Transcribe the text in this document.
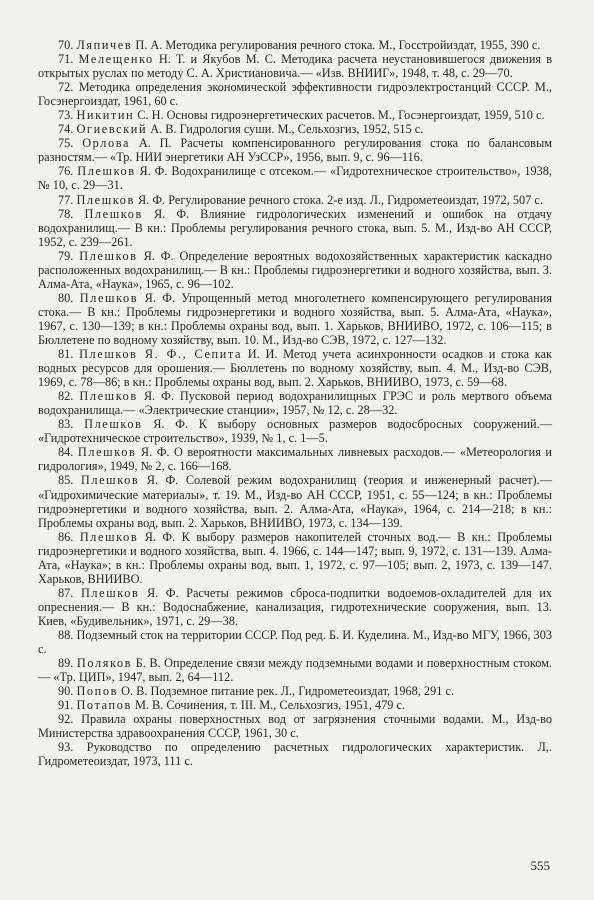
70. Ляпичев П. А. Методика регулирования речного стока. М., Госстройиздат, 1955, 390 с.

71. Мелещенко Н. Т. и Якубов М. С. Методика расчета неустановившегося движения в открытых руслах по методу С. А. Христиановича.— «Изв. ВНИИГ», 1948, т. 48, с. 29—70.

72. Методика определения экономической эффективности гидроэлектростанций СССР. М., Госэнергоиздат, 1961, 60 с.

73. Никитин С. Н. Основы гидроэнергетических расчетов. М., Госэнергоиздат, 1959, 510 с.

74. Огиевский А. В. Гидрология суши. М., Сельхозгиз, 1952, 515 с.

75. Орлова А. П. Расчеты компенсированного регулирования стока по балансовым разностям.— «Тр. НИИ энергетики АН УзССР», 1956, вып. 9, с. 96—116.

76. Плешков Я. Ф. Водохранилище с отсеком.— «Гидротехническое строительство», 1938, № 10, с. 29—31.

77. Плешков Я. Ф. Регулирование речного стока. 2-е изд. Л., Гидрометеоиздат, 1972, 507 с.

78. Плешков Я. Ф. Влияние гидрологических изменений и ошибок на отдачу водохранилищ.— В кн.: Проблемы регулирования речного стока, вып. 5. М., Изд-во АН СССР, 1952, с. 239—261.

79. Плешков Я. Ф. Определение вероятных водохозяйственных характеристик каскадно расположенных водохранилищ.— В кн.: Проблемы гидроэнергетики и водного хозяйства, вып. 3. Алма-Ата, «Наука», 1965, с. 96—102.

80. Плешков Я. Ф. Упрощенный метод многолетнего компенсирующего регулирования стока.— В кн.: Проблемы гидроэнергетики и водного хозяйства, вып. 5. Алма-Ата, «Наука», 1967, с. 130—139; в кн.: Проблемы охраны вод, вып. 1. Харьков, ВНИИВО, 1972, с. 106—115; в Бюллетене по водному хозяйству, вып. 10. М., Изд-во СЭВ, 1972, с. 127—132.

81. Плешков Я. Ф., Сепита И. И. Метод учета асинхронности осадков и стока как водных ресурсов для орошения.— Бюллетень по водному хозяйству, вып. 4. М., Изд-во СЭВ, 1969, с. 78—86; в кн.: Проблемы охраны вод, вып. 2. Харьков, ВНИИВО, 1973, с. 59—68.

82. Плешков Я. Ф. Пусковой период водохранилищных ГРЭС и роль мертвого объема водохранилища.— «Электрические станции», 1957, № 12, с. 28—32.

83. Плешков Я. Ф. К выбору основных размеров водосбросных сооружений.— «Гидротехническое строительство», 1939, № 1, с. 1—5.

84. Плешков Я. Ф. О вероятности максимальных ливневых расходов.— «Метеорология и гидрология», 1949, № 2, с. 166—168.

85. Плешков Я. Ф. Солевой режим водохранилищ (теория и инженерный расчет).— «Гидрохимические материалы», т. 19. М., Изд-во АН СССР, 1951, с. 55—124; в кн.: Проблемы гидроэнергетики и водного хозяйства, вып. 2. Алма-Ата, «Наука», 1964, с. 214—218; в кн.: Проблемы охраны вод, вып. 2. Харьков, ВНИИВО, 1973, с. 134—139.

86. Плешков Я. Ф. К выбору размеров накопителей сточных вод.— В кн.: Проблемы гидроэнергетики и водного хозяйства, вып. 4. 1966, с. 144—147; вып. 9, 1972, с. 131—139. Алма-Ата, «Наука»; в кн.: Проблемы охраны вод, вып. 1, 1972, с. 97—105; вып. 2, 1973, с. 139—147. Харьков, ВНИИВО.

87. Плешков Я. Ф. Расчеты режимов сброса-подпитки водоемов-охладителей для их опреснения.— В кн.: Водоснабжение, канализация, гидротехнические сооружения, вып. 13. Киев, «Будивельник», 1971, с. 29—38.

88. Подземный сток на территории СССР. Под ред. Б. И. Куделина. М., Изд-во МГУ, 1966, 303 с.

89. Поляков Б. В. Определение связи между подземными водами и поверхностным стоком.— «Тр. ЦИП», 1947, вып. 2, 64—112.

90. Попов О. В. Подземное питание рек. Л., Гидрометеоиздат, 1968, 291 с.

91. Потапов М. В. Сочинения, т. III. М., Сельхозгиз, 1951, 479 с.

92. Правила охраны поверхностных вод от загрязнения сточными водами. М., Изд-во Министерства здравоохранения СССР, 1961, 30 с.

93. Руководство по определению расчетных гидрологических характеристик. Л,. Гидрометеоиздат, 1973, 111 с.

555
